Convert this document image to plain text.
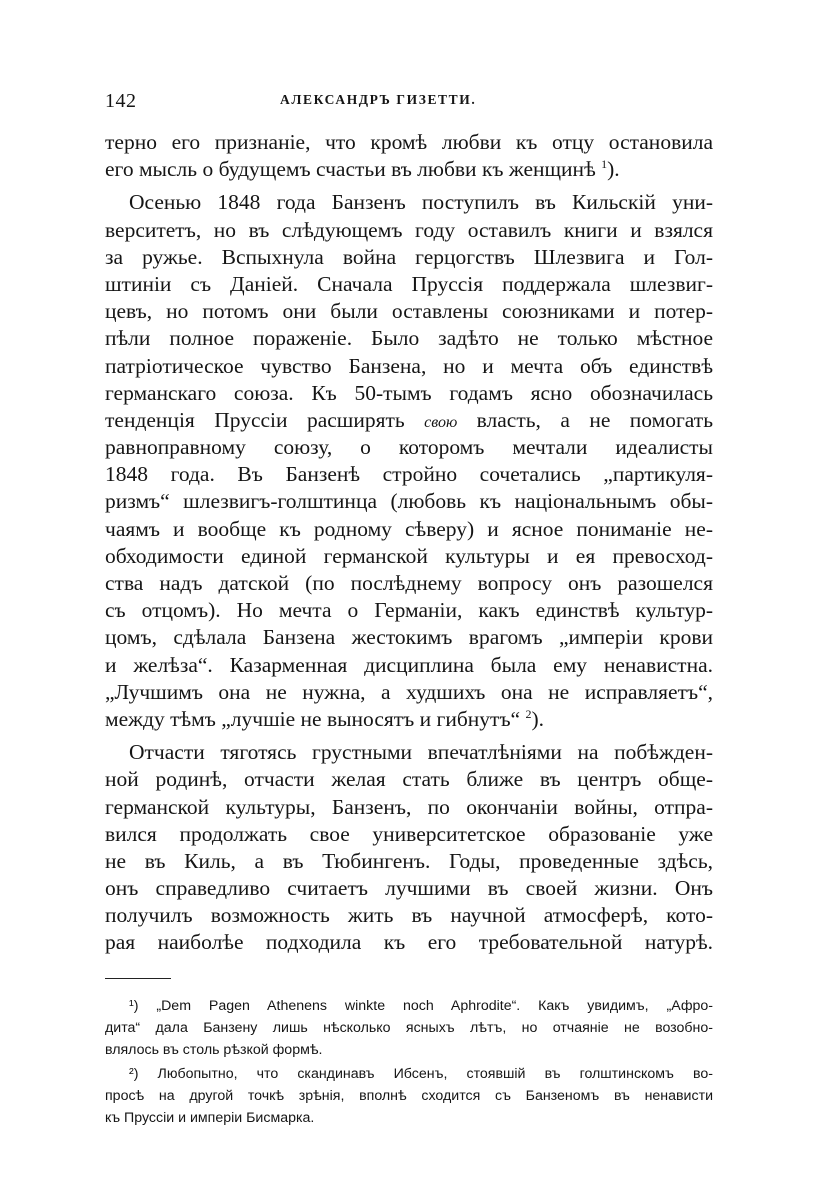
142	АЛЕКСАНДРЪ ГИЗЕТТИ.
терно его признанiе, что кромѣ любви къ отцу остановила
его мысль о будущемъ счастьи въ любви къ женщинѣ $^1$).
Осенью 1848 года Банзенъ поступилъ въ Кильскiй уни-
верситетъ, но въ слѣдующемъ году оставилъ книги и взялся
за ружье. Вспыхнула война герцогствъ Шлезвига и Гол-
штинiи съ Данiей. Сначала Пруссiя поддержала шлезвиг-
цевъ, но потомъ они были оставлены союзниками и потер-
пѣли полное пораженiе. Было задѣто не только мѣстное
патрiотическое чувство Банзена, но и мечта объ единствѣ
германскаго союза. Къ 50-тымъ годамъ ясно обозначилась
тенденцiя Пруссiи расширять свою власть, а не помогать
равноправному союзу, о которомъ мечтали идеалисты
1848 года. Въ Банзенѣ стройно сочетались „партикуля-
ризмъ“ шлезвигъ-голштинца (любовь къ нацiональнымъ обы-
чаямъ и вообще къ родному сѣверу) и ясное пониманiе не-
обходимости единой германской культуры и ея превосход-
ства надъ датской (по послѣднему вопросу онъ разошелся
съ отцомъ). Но мечта о Германiи, какъ единствѣ культур-
цомъ, сдѣлала Банзена жестокимъ врагомъ „имперiи крови
и желѣза“. Казарменная дисциплина была ему ненавистна.
„Лучшимъ она не нужна, а худшихъ она не исправляетъ“,
между тѣмъ „лучшiе не выносятъ и гибнутъ“ $^2$).
Отчасти тяготясь грустными впечатлѣнiями на побѣжден-
ной родинѣ, отчасти желая стать ближе въ центръ обще-
германской культуры, Банзенъ, по окончанiи войны, отпра-
вился продолжать свое университетское образованiе уже
не въ Киль, а въ Тюбингенъ. Годы, проведенные здѣсь,
онъ справедливо считаетъ лучшими въ своей жизни. Онъ
получилъ возможность жить въ научной атмосферѣ, кото-
рая наиболѣе подходила къ его требовательной натурѣ.
¹) „Dem Pagen Athenens winkte noch Aphrodite“. Какъ увидимъ, „Афро-
дита“ дала Банзену лишь нѣсколько ясныхъ лѣтъ, но отчаянiе не возобно-
влялось въ столь рѣзкой формѣ.
²) Любопытно, что скандинавъ Ибсенъ, стоявшiй въ голштинскомъ во-
просѣ на другой точкѣ зрѣнiя, вполнѣ сходится съ Банзеномъ въ ненависти
къ Пруссiи и имперiи Бисмарка.
